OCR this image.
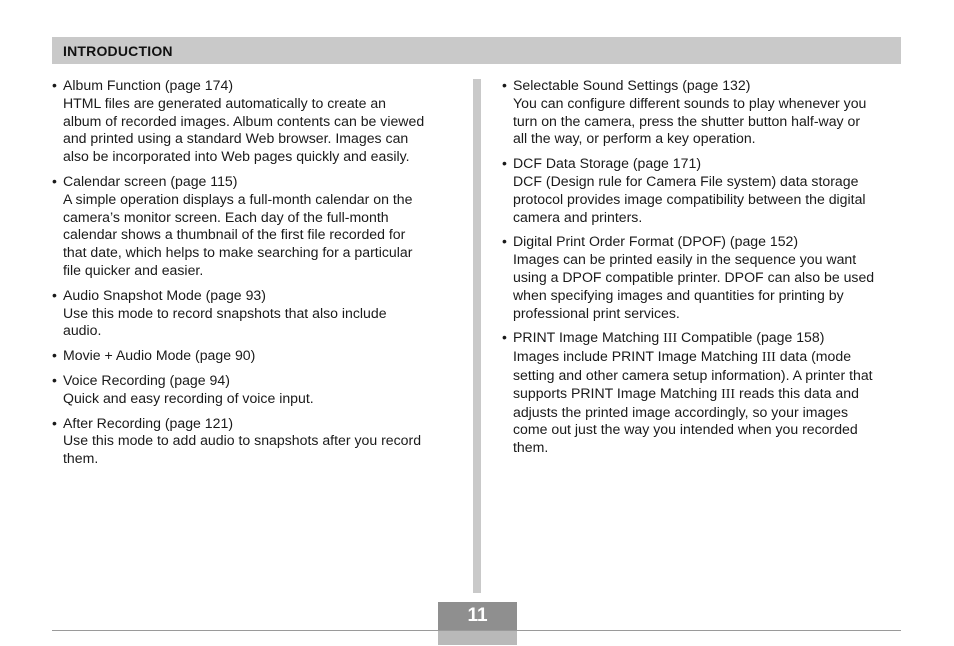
INTRODUCTION
• Album Function (page 174)
HTML files are generated automatically to create an
album of recorded images. Album contents can be viewed
and printed using a standard Web browser. Images can
also be incorporated into Web pages quickly and easily.
• Calendar screen (page 115)
A simple operation displays a full-month calendar on the
camera’s monitor screen. Each day of the full-month
calendar shows a thumbnail of the first file recorded for
that date, which helps to make searching for a particular
file quicker and easier.
• Audio Snapshot Mode (page 93)
Use this mode to record snapshots that also include
audio.
• Movie + Audio Mode (page 90)
• Voice Recording (page 94)
Quick and easy recording of voice input.
• After Recording (page 121)
Use this mode to add audio to snapshots after you record
them.
• Selectable Sound Settings (page 132)
You can configure different sounds to play whenever you
turn on the camera, press the shutter button half-way or
all the way, or perform a key operation.
• DCF Data Storage (page 171)
DCF (Design rule for Camera File system) data storage
protocol provides image compatibility between the digital
camera and printers.
• Digital Print Order Format (DPOF) (page 152)
Images can be printed easily in the sequence you want
using a DPOF compatible printer. DPOF can also be used
when specifying images and quantities for printing by
professional print services.
• PRINT Image Matching III Compatible (page 158)
Images include PRINT Image Matching III data (mode
setting and other camera setup information). A printer that
supports PRINT Image Matching III reads this data and
adjusts the printed image accordingly, so your images
come out just the way you intended when you recorded
them.
11
